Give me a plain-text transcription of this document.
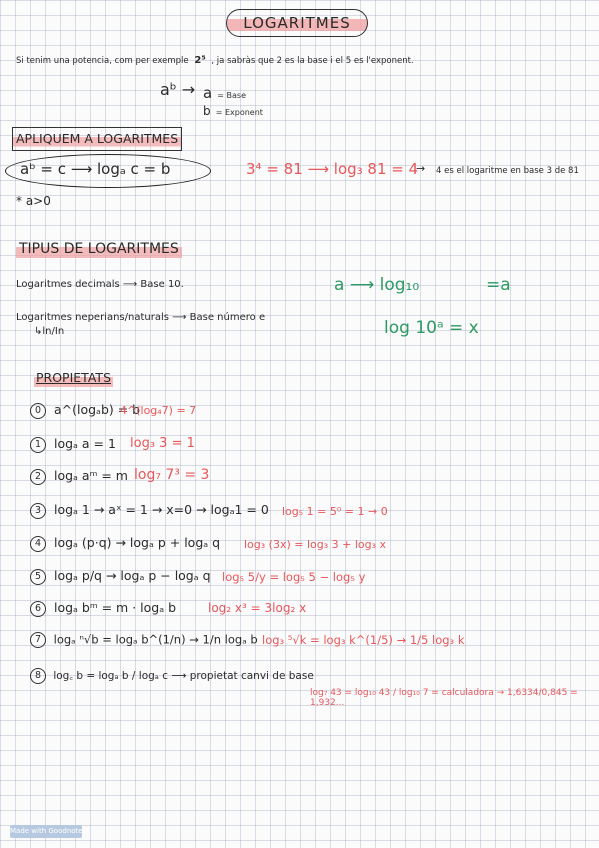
LOGARITMES
Si tenim una potencia, com per exemple 2⁵ , ja sabràs que 2 es la base i el 5 es l'exponent.
aᵇ → a = Base
b = Exponent
APLIQUEM A LOGARITMES
aᵇ = c ⟶ logₐ c = b	3⁴ = 81 ⟶ log₃ 81 = 4
→ 4 es el logaritme en base 3 de 81
* a>0
TIPUS DE LOGARITMES
Logaritmes decimals ⟶ Base 10.
Logaritmes neperians/naturals ⟶ Base número e
↳ln/In
a ⟶ log₁₀	=a
log 10ᵃ = x
PROPIETATS
0 a^(logₐb) = b
4^(log₄7) = 7
1 logₐ a = 1 log₃ 3 = 1
2 logₐ aᵐ = m log₇ 7³ = 3
3 logₐ 1 → aˣ = 1 → x=0 → logₐ1 = 0 log₅ 1 = 5⁰ = 1 → 0
4 logₐ (p·q) → logₐ p + logₐ q log₃ (3x) = log₃ 3 + log₃ x
5 logₐ p/q → logₐ p − logₐ q log₅ 5/y = log₅ 5 − log₅ y
6 logₐ bᵐ = m · logₐ b	log₂ x³ = 3log₂ x
7 logₐ ⁿ√b = logₐ b^(1/n) → 1/n logₐ b log₃ ⁵√k = log₃ k^(1/5) → 1/5 log₃ k
8 log꜀ b = logₐ b / logₐ c ⟶ propietat canvi de base
log₇ 43 = log₁₀ 43 / log₁₀ 7 = calculadora → 1,6334/0,845 = 1,932...
Made with Goodnotes
